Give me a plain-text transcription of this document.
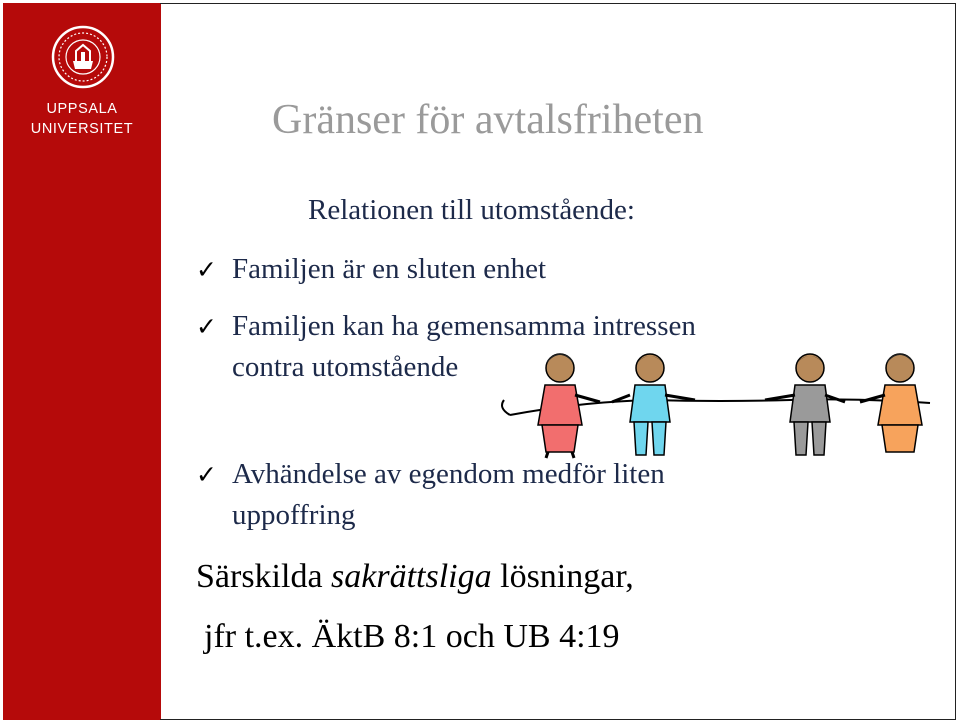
UPPSALA
UNIVERSITET	Gränser för avtalsfriheten
Relationen till utomstående:
✓ Familjen är en sluten enhet
✓ Familjen kan ha gemensamma intressen
contra utomstående
✓ Avhändelse av egendom medför liten
uppoffring
Särskilda sakrättsliga lösningar,
jfr t.ex. ÄktB 8:1 och UB 4:19
